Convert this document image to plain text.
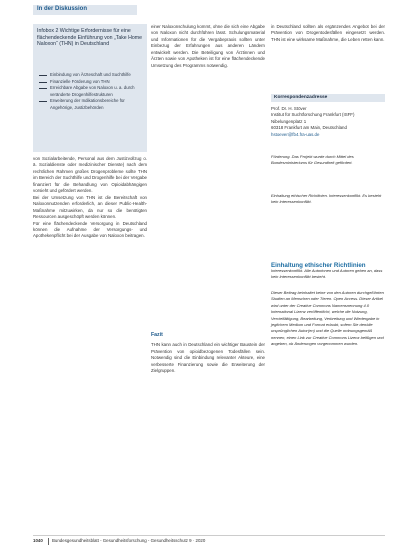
In der Diskussion
Infobox 2 Wichtige Erfordernisse für eine flächendeckende Einführung von „Take Home Naloxon“ (THN) in Deutschland
Einbindung von Ärzteschaft und Suchthilfe
Finanzielle Förderung von THN
Erreichbare Abgabe von Naloxon u. a. durch veränderte Drogenhilfestrukturen
Erweiterung der Indikationsbereiche für Angehörige, Justizbehörden

von Sozialarbeitende, Personal aus dem Justizvollzug o. ä. Sozialdienste oder medizinischer Dienste) nach dem rechtlichen Rahmen großes Drogenprobleme sollte THN im Bereich der Suchthilfe und Drogenhilfe bei der Vergabe finanziert für die Behandlung von Opioidabhängigen vorsieht und gefördert werden.

Bei der Umsetzung von THN ist die Bereitschaft von Naloxonnutzenden erforderlich, an dieser Public-Health-Maßnahme mitzuwirken, da nur so die benötigten Ressourcen ausgeschöpft werden können.

Für eine flächendeckende Versorgung in Deutschland können die Aufnahme der Versorgungs- und Apothekenpflicht bei der Ausgabe von Naloxon beitragen.

einer Naloxonschulung kommt, ohne die sich eine Abgabe von Naloxon nicht durchführen lässt. Schulungsmaterial und Informationen für die Vergabepraxis sollten unter Einbezug der Erfahrungen aus anderen Ländern entwickelt werden. Die Beteiligung von Ärztinnen und Ärzten sowie von Apotheken ist für eine flächendeckende Umsetzung des Programms notwendig.

Fazit

THN kann auch in Deutschland ein wichtiger Baustein der Prävention von opioidbezogenen Todesfällen sein. Notwendig sind die Einbindung relevanter Akteure, eine verbesserte Finanzierung sowie die Erweiterung der Zielgruppen.

in Deutschland sollten als ergänzendes Angebot bei der Prävention von Drogentodesfällen eingesetzt werden. THN ist eine wirksame Maßnahme, die Leben retten kann.

Korrespondenzadresse

Prof. Dr. H. Stöver

Institut für Suchtforschung Frankfurt (ISFF)

Nibelungenplatz 1

60318 Frankfurt am Main, Deutschland

hstoever@fb4.fra-uas.de

Förderung. Das Projekt wurde durch Mittel des Bundesministeriums für Gesundheit gefördert.
Einhaltung ethischer Richtlinien. Interessenkonflikt. Es besteht kein Interessenkonflikt.
Einhaltung ethischer Richtlinien
Interessenkonflikt. Alle Autorinnen und Autoren geben an, dass kein Interessenkonflikt besteht.
Dieser Beitrag beinhaltet keine von den Autoren durchgeführten Studien an Menschen oder Tieren. Open Access. Dieser Artikel wird unter der Creative Commons Namensnennung 4.0 International Lizenz veröffentlicht, welche die Nutzung, Vervielfältigung, Bearbeitung, Verbreitung und Wiedergabe in jeglichem Medium und Format erlaubt, sofern Sie den/die ursprünglichen Autor(en) und die Quelle ordnungsgemäß nennen, einen Link zur Creative Commons Lizenz beifügen und angeben, ob Änderungen vorgenommen wurden.
1040 Bundesgesundheitsblatt - Gesundheitsforschung - Gesundheitsschutz 9 · 2020
